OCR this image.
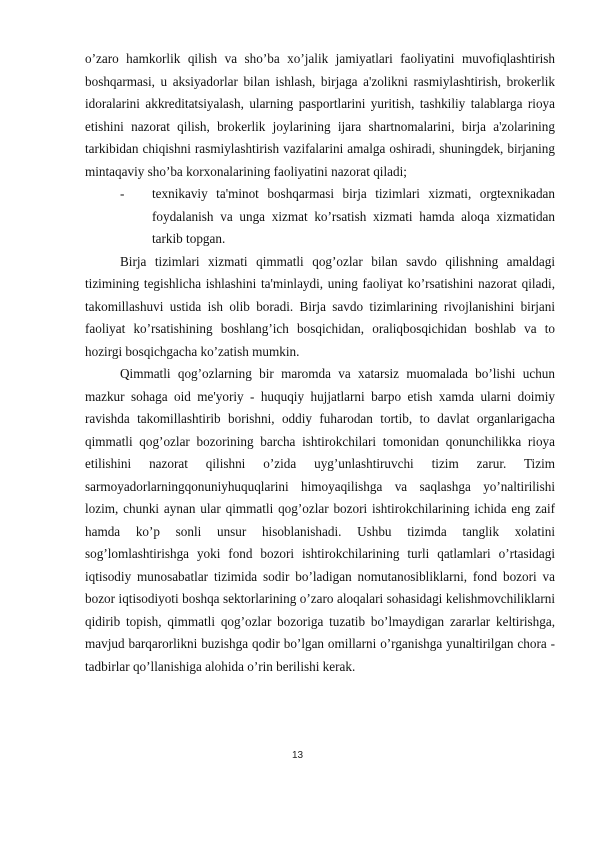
o’zaro hamkorlik qilish va sho’ba xo’jalik jamiyatlari faoliyatini muvofiqlashtirish boshqarmasi, u aksiyadorlar bilan ishlash, birjaga a'zolikni rasmiylashtirish, brokerlik idoralarini akkreditatsiyalash, ularning pasportlarini yuritish, tashkiliy talablarga rioya etishini nazorat qilish, brokerlik joylarining ijara shartnomalarini, birja a'zolarining tarkibidan chiqishni rasmiylashtirish vazifalarini amalga oshiradi, shuningdek, birjaning mintaqaviy sho’ba korxonalarining faoliyatini nazorat qiladi;

-	texnikaviy ta'minot boshqarmasi birja tizimlari xizmati, orgtexnikadan foydalanish va unga xizmat ko’rsatish xizmati hamda aloqa xizmatidan tarkib topgan.

Birja tizimlari xizmati qimmatli qog’ozlar bilan savdo qilishning amaldagi tizimining tegishlicha ishlashini ta'minlaydi, uning faoliyat ko’rsatishini nazorat qiladi, takomillashuvi ustida ish olib boradi. Birja savdo tizimlarining rivojlanishini birjani faoliyat ko’rsatishining boshlang’ich bosqichidan, oraliqbosqichidan boshlab va to hozirgi bosqichgacha ko’zatish mumkin.

Qimmatli qog’ozlarning bir maromda va xatarsiz muomalada bo’lishi uchun mazkur sohaga oid me'yoriy - huquqiy hujjatlarni barpo etish xamda ularni doimiy ravishda takomillashtirib borishni, oddiy fuharodan tortib, to davlat organlarigacha qimmatli qog’ozlar bozorining barcha ishtirokchilari tomonidan qonunchilikka rioya etilishini nazorat qilishni o’zida uyg’unlashtiruvchi tizim zarur. Tizim sarmoyadorlarningqonuniyhuquqlarini himoyaqilishga va saqlashga yo’naltirilishi lozim, chunki aynan ular qimmatli qog’ozlar bozori ishtirokchilarining ichida eng zaif hamda ko’p sonli unsur hisoblanishadi. Ushbu tizimda tanglik xolatini sog’lomlashtirishga yoki fond bozori ishtirokchilarining turli qatlamlari o’rtasidagi iqtisodiy munosabatlar tizimida sodir bo’ladigan nomutanosibliklarni, fond bozori va bozor iqtisodiyoti boshqa sektorlarining o’zaro aloqalari sohasidagi kelishmovchiliklarni qidirib topish, qimmatli qog’ozlar bozoriga tuzatib bo’lmaydigan zararlar keltirishga, mavjud barqarorlikni buzishga qodir bo’lgan omillarni o’rganishga yunaltirilgan chora - tadbirlar qo’llanishiga alohida o’rin berilishi kerak.

13
